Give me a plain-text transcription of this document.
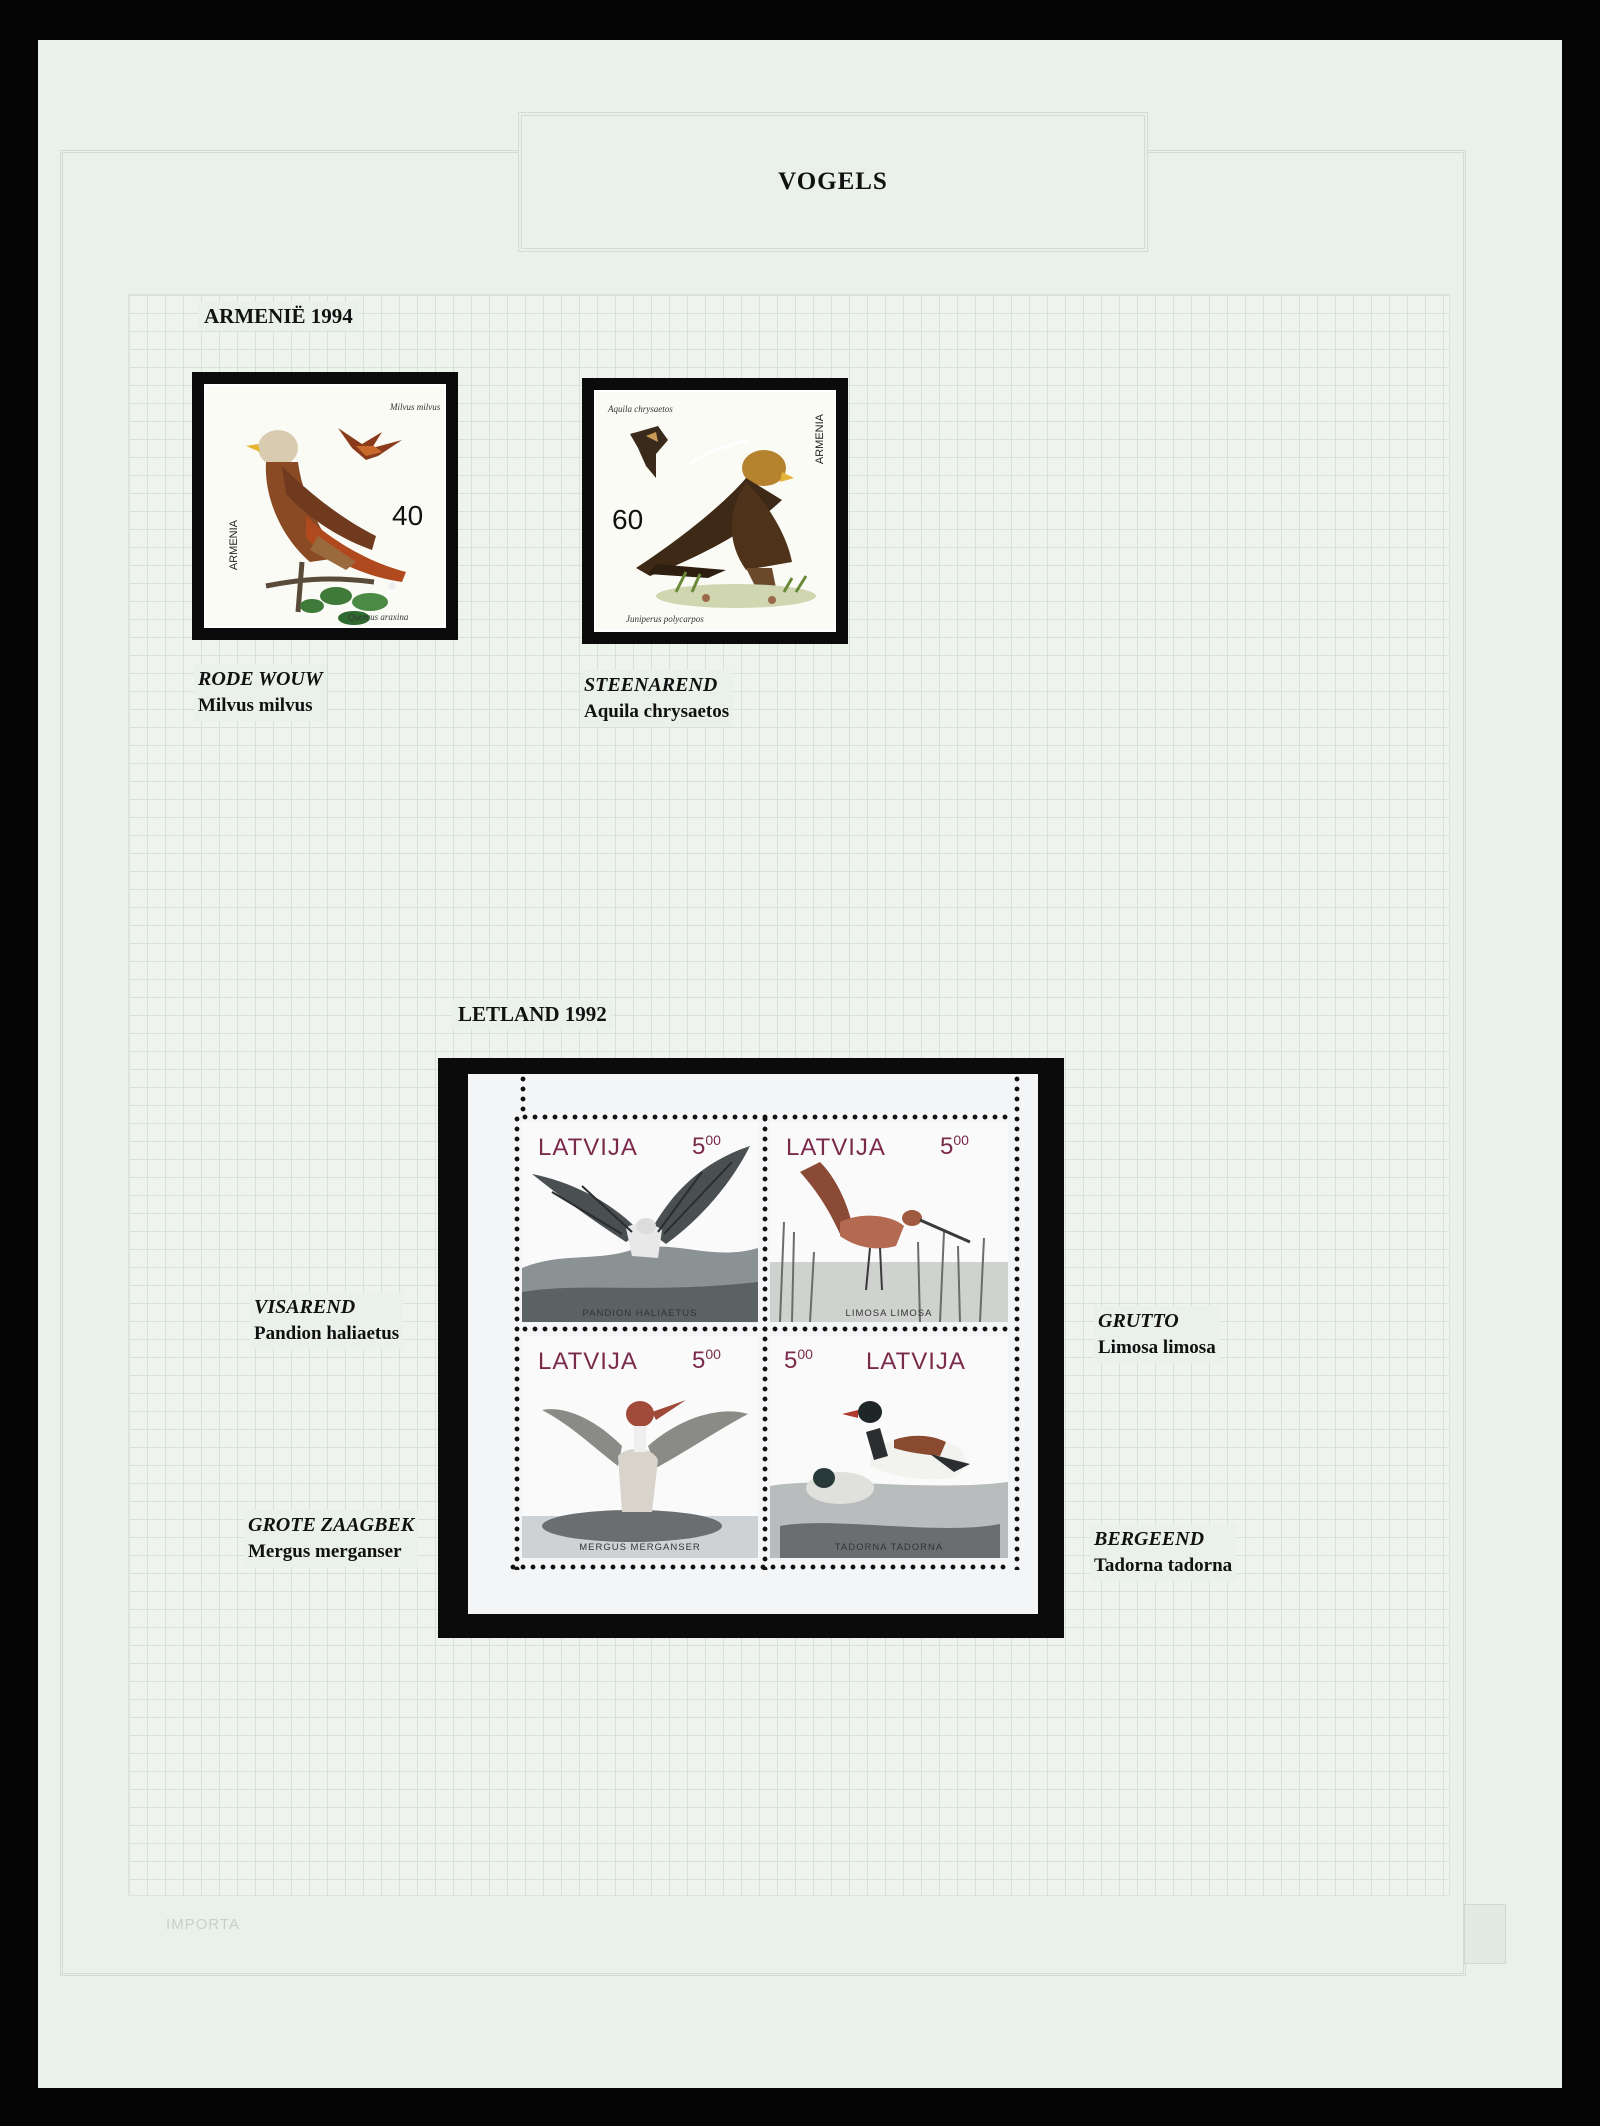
VOGELS
ARMENIË 1994
Milvus milvus
40
Quercus araxina
ARMENIA
Aquila chrysaetos
60
Juniperus polycarpos
ARMENIA
RODE WOUW
Milvus milvus
STEENAREND
Aquila chrysaetos
LETLAND 1992
LATVIJA $5^{00}$
PANDION HALIAETUS
LATVIJA $5^{00}$
LIMOSA LIMOSA
LATVIJA $5^{00}$
MERGUS MERGANSER
$5^{00}$ LATVIJA
TADORNA TADORNA
VISAREND
Pandion haliaetus
GRUTTO
Limosa limosa
GROTE ZAAGBEK
Mergus merganser
BERGEEND
Tadorna tadorna
IMPORTA
